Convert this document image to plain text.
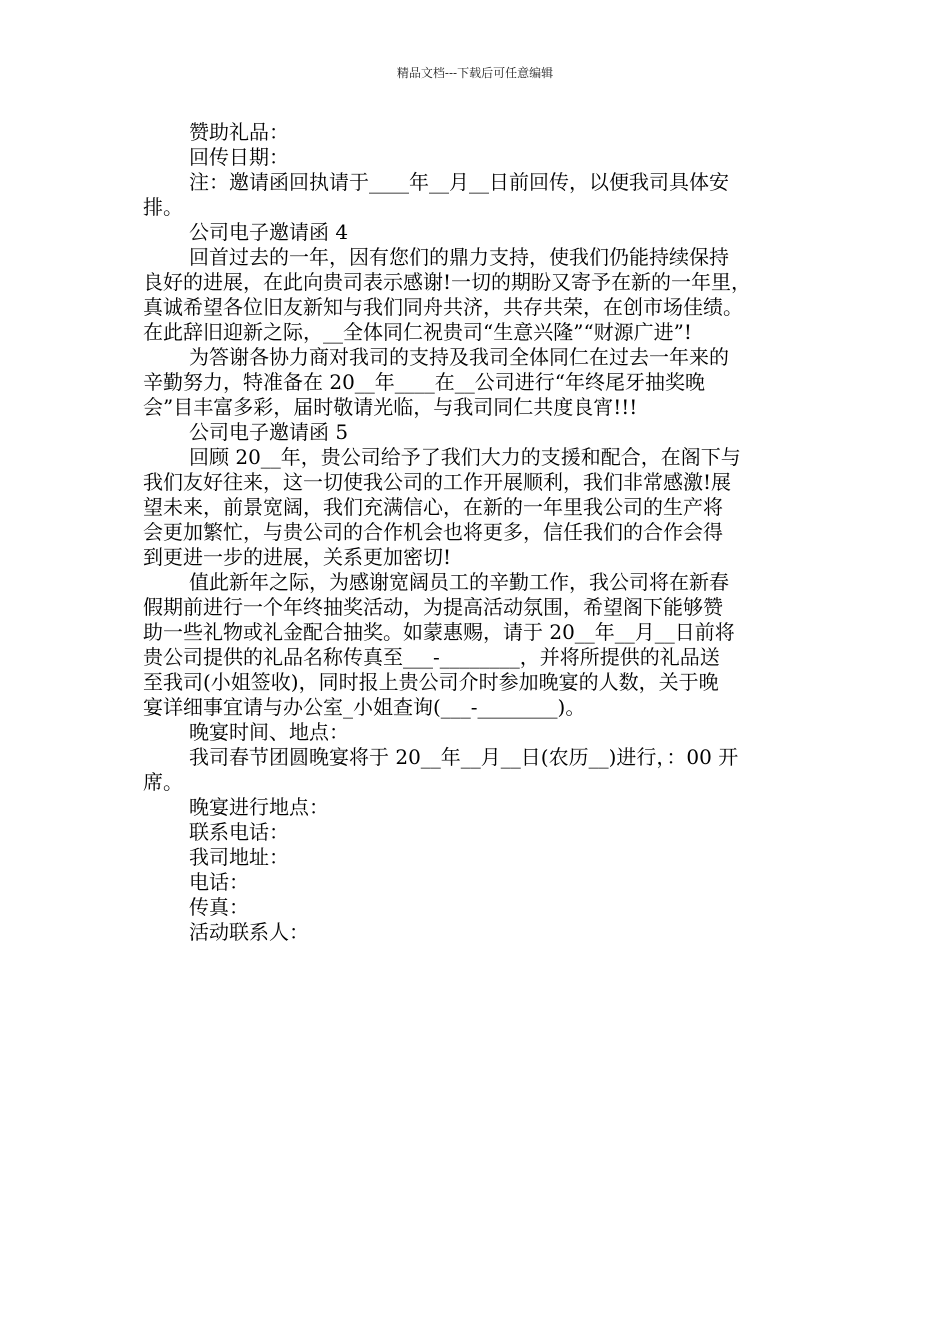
精品文档---下载后可任意编辑

赞助礼品：

回传日期：

注：邀请函回执请于____年__月__日前回传，以便我司具体安

排。

公司电子邀请函 4

回首过去的一年，因有您们的鼎力支持，使我们仍能持续保持

良好的进展，在此向贵司表示感谢!一切的期盼又寄予在新的一年里，

真诚希望各位旧友新知与我们同舟共济，共存共荣，在创市场佳绩。

在此辞旧迎新之际，__全体同仁祝贵司“生意兴隆”“财源广进”!

为答谢各协力商对我司的支持及我司全体同仁在过去一年来的

辛勤努力，特准备在 20__年____在__公司进行“年终尾牙抽奖晚

会”目丰富多彩，届时敬请光临，与我司同仁共度良宵!!!

公司电子邀请函 5

回顾 20__年，贵公司给予了我们大力的支援和配合，在阁下与

我们友好往来，这一切使我公司的工作开展顺利，我们非常感激!展

望未来，前景宽阔，我们充满信心，在新的一年里我公司的生产将

会更加繁忙，与贵公司的合作机会也将更多，信任我们的合作会得

到更进一步的进展，关系更加密切!

值此新年之际，为感谢宽阔员工的辛勤工作，我公司将在新春

假期前进行一个年终抽奖活动，为提高活动氛围，希望阁下能够赞

助一些礼物或礼金配合抽奖。如蒙惠赐，请于 20__年__月__日前将

贵公司提供的礼品名称传真至___-________，并将所提供的礼品送

至我司(小姐签收)，同时报上贵公司介时参加晚宴的人数，关于晚

宴详细事宜请与办公室_小姐查询(___-________)。

晚宴时间、地点：

我司春节团圆晚宴将于 20__年__月__日(农历__)进行，：00 开

席。

晚宴进行地点：

联系电话：

我司地址：

电话：

传真：

活动联系人：
